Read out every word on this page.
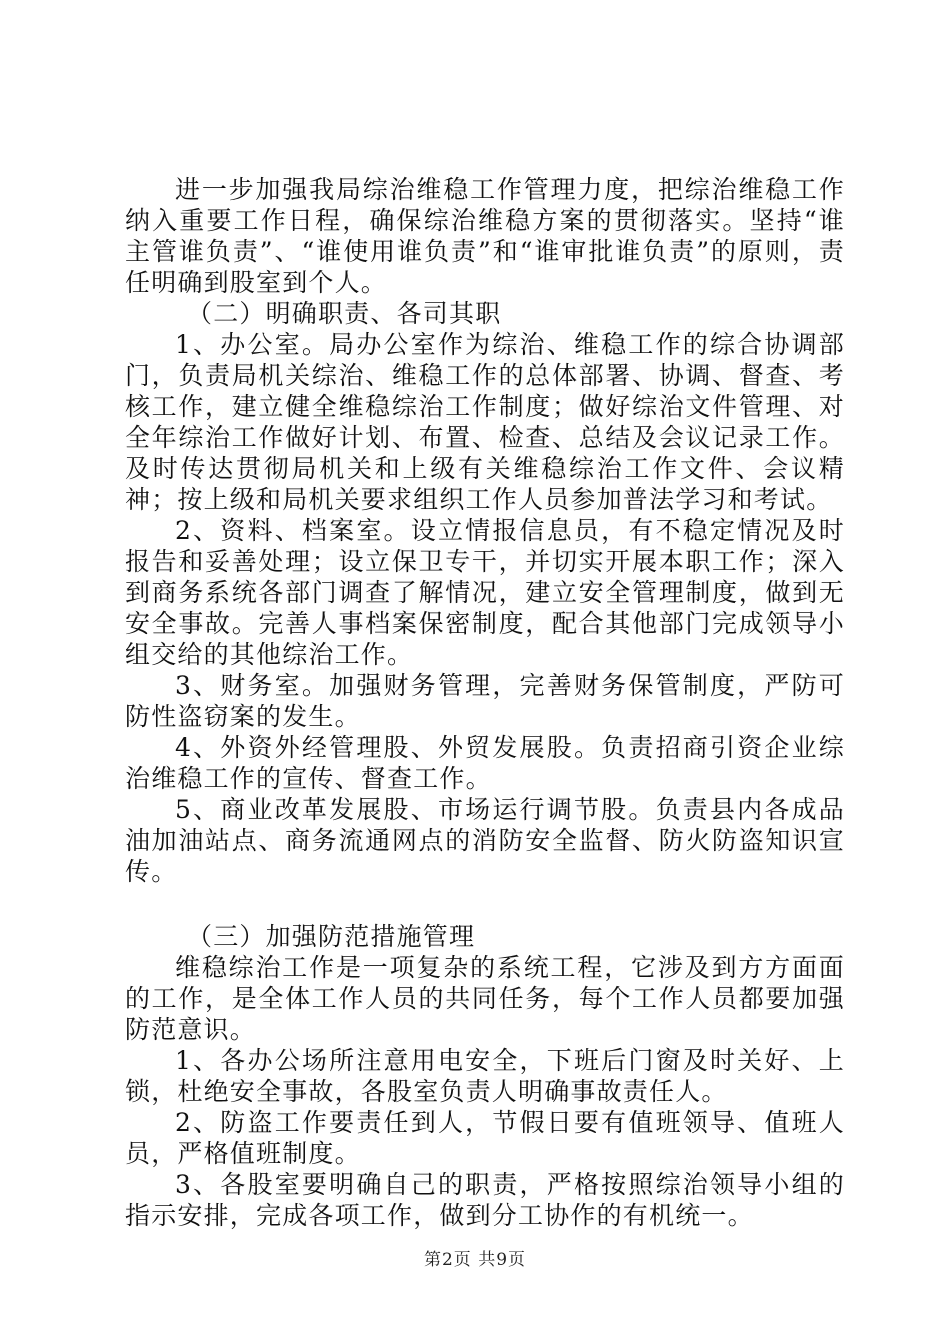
进一步加强我局综治维稳工作管理力度，把综治维稳工作纳入重要工作日程，确保综治维稳方案的贯彻落实。坚持“谁主管谁负责”、“谁使用谁负责”和“谁审批谁负责”的原则，责任明确到股室到个人。

（二）明确职责、各司其职

1、办公室。局办公室作为综治、维稳工作的综合协调部门，负责局机关综治、维稳工作的总体部署、协调、督查、考核工作，建立健全维稳综治工作制度；做好综治文件管理、对全年综治工作做好计划、布置、检查、总结及会议记录工作。及时传达贯彻局机关和上级有关维稳综治工作文件、会议精神；按上级和局机关要求组织工作人员参加普法学习和考试。

2、资料、档案室。设立情报信息员，有不稳定情况及时报告和妥善处理；设立保卫专干，并切实开展本职工作；深入到商务系统各部门调查了解情况，建立安全管理制度，做到无安全事故。完善人事档案保密制度，配合其他部门完成领导小组交给的其他综治工作。

3、财务室。加强财务管理，完善财务保管制度，严防可防性盗窃案的发生。

4、外资外经管理股、外贸发展股。负责招商引资企业综治维稳工作的宣传、督查工作。

5、商业改革发展股、市场运行调节股。负责县内各成品油加油站点、商务流通网点的消防安全监督、防火防盗知识宣传。

（三）加强防范措施管理

维稳综治工作是一项复杂的系统工程，它涉及到方方面面的工作，是全体工作人员的共同任务，每个工作人员都要加强防范意识。

1、各办公场所注意用电安全，下班后门窗及时关好、上锁，杜绝安全事故，各股室负责人明确事故责任人。

2、防盗工作要责任到人，节假日要有值班领导、值班人员，严格值班制度。

3、各股室要明确自己的职责，严格按照综治领导小组的指示安排，完成各项工作，做到分工协作的有机统一。

第2页 共9页
